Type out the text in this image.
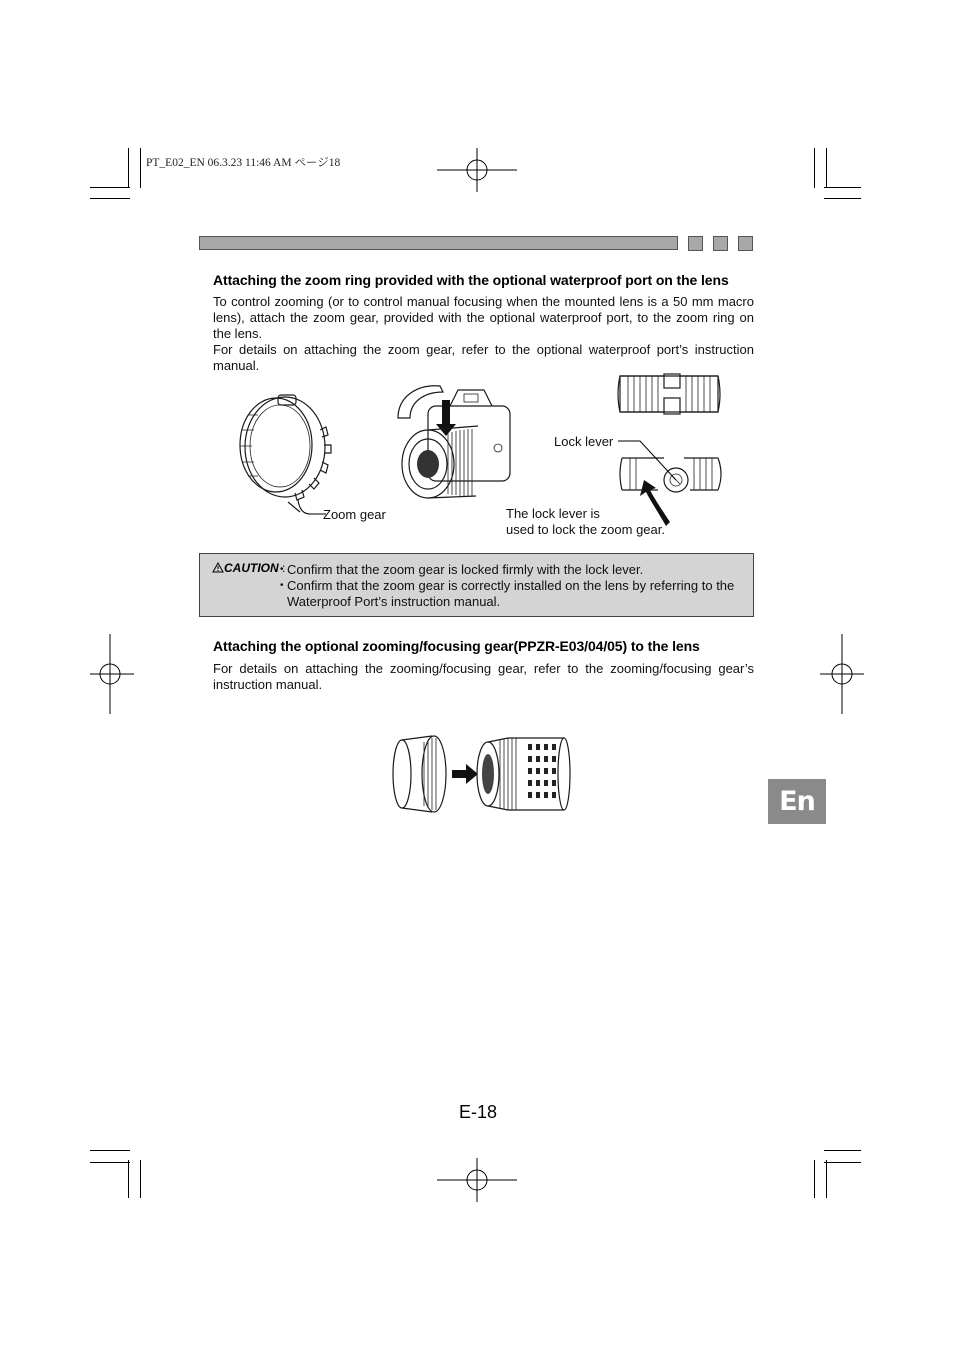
PT_E02_EN 06.3.23 11:46 AM ページ18
Attaching the zoom ring provided with the optional waterproof port on the lens

To control zooming (or to control manual focusing when the mounted lens is a 50 mm macro lens), attach the zoom gear, provided with the optional waterproof port, to the zoom ring on the lens.

For details on attaching the zoom gear, refer to the optional waterproof port’s instruction manual.

Zoom gear
Lock lever
The lock lever is
used to lock the zoom gear.
CAUTION :
• Confirm that the zoom gear is locked firmly with the lock lever.
• Confirm that the zoom gear is correctly installed on the lens by referring to the Waterproof Port’s instruction manual.
Attaching the optional zooming/focusing gear(PPZR-E03/04/05) to the lens

For details on attaching the zooming/focusing gear, refer to the zooming/focusing gear’s instruction manual.

En
E-18
